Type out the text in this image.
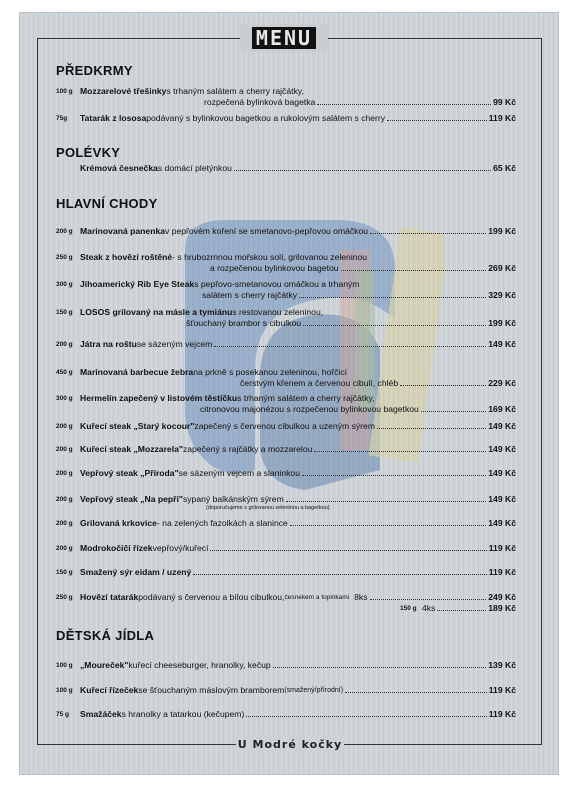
MENU
PŘEDKRMY
100 g Mozzarelové třešinky s trhaným salátem a cherry rajčátky,
rozpečená bylinková bagetka	99 Kč
75g	Tatarák z lososa podávaný s bylinkovou bagetkou a rukolovým salátem s cherry	119 Kč
POLÉVKY
Krémová česnečka s domácí pletýnkou	65 Kč
HLAVNÍ CHODY
200 g Marinovaná panenka v pepřovém koření se smetanovo-pepřovou omáčkou	199 Kč
250 g Steak z hovězí roštěné - s hrubozrnnou mořskou solí, grilovanou zeleninou
a rozpečenou bylinkovou bagetou	269 Kč
300 g Jihoamerický Rib Eye Steak s pepřovo-smetanovou omáčkou a trhaným
salátem s cherry rajčátky	329 Kč
150 g LOSOS grilovaný na másle a tymiánu s restovanou zeleninou,
šťouchaný brambor s cibulkou	199 Kč
200 g Játra na roštu se sázeným vejcem	149 Kč
450 g Marinovaná barbecue žebra na prkně s posekanou zeleninou, hořčicí
čerstvým křenem a červenou cibulí, chléb	229 Kč
300 g Hermelín zapečený v listovém těstíčku s trhaným salátem a cherry rajčátky,
citronovou majonézou s rozpečenou bylinkovou bagetkou	169 Kč
200 g Kuřecí steak „Starý kocour" zapečený s červenou cibulkou a uzeným sýrem	149 Kč
200 g Kuřecí steak „Mozzarela" zapečený s rajčátky a mozzarelou	149 Kč
200 g Vepřový steak „Příroda" se sázeným vejcem a slaninkou	149 Kč
200 g Vepřový steak „Na pepři" sypaný balkánským sýrem	149 Kč
(doporučujeme s grilovanou zeleninou a bagetkou)
200 g Grilovaná krkovice - na zelených fazolkách a slanince	149 Kč
200 g Modrokočičí řízek vepřový/kuřecí	119 Kč
150 g Smažený sýr eidam / uzený	119 Kč
250 g Hovězí tatarák podávaný s červenou a bílou cibulkou, česnekem a topinkami 8ks	249 Kč
150 g 4ks	189 Kč
DĚTSKÁ JÍDLA
100 g „Moureček" kuřecí cheeseburger, hranolky, kečup	139 Kč
100 g Kuřecí řízeček se šťouchaným máslovým bramborem (smažený/přírodní)	119 Kč
75 g	Smažáček s hranolky a tatarkou (kečupem)	119 Kč
U Modré kočky
